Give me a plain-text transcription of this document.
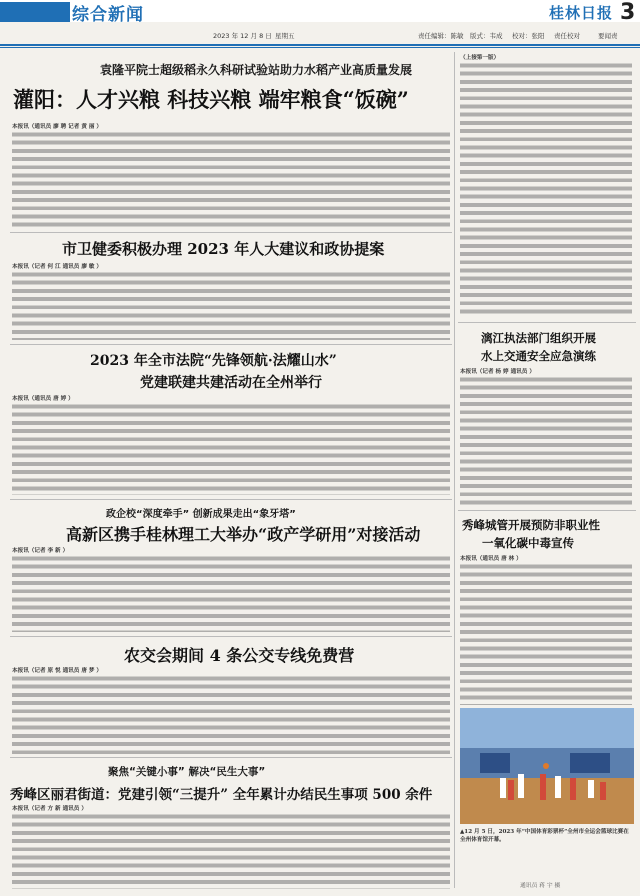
综合新闻	桂林日报 3
2023 年 12 月 8 日 星期五	责任编辑：陈敏 版式：韦成 校对：张阳 责任校对	要闻责
袁隆平院士超级稻永久科研试验站助力水稻产业高质量发展
灌阳：人才兴粮 科技兴粮 端牢粮食“饭碗”
本报讯（通讯员 廖 聘 记者 黄 丽 ）
市卫健委积极办理 2023 年人大建议和政协提案
本报讯（记者 何 江 通讯员 廖 敏 ）
2023 年全市法院“先锋领航·法耀山水”
党建联建共建活动在全州举行
本报讯（通讯员 唐 婷 ）
政企校“深度牵手” 创新成果走出“象牙塔”
高新区携手桂林理工大举办“政产学研用”对接活动
本报讯（记者 李 新 ）
农交会期间 4 条公交专线免费营
本报讯（记者 原 悦 通讯员 唐 梦 ）
聚焦“关键小事” 解决“民生大事”
秀峰区丽君街道：党建引领“三提升” 全年累计办结民生事项 500 余件
本报讯（记者 方 新 通讯员 ）
（上接第一版）
漓江执法部门组织开展
水上交通安全应急演练
本报讯（记者 杨 婷 通讯员 ）
秀峰城管开展预防非职业性
一氧化碳中毒宣传
本报讯（通讯员 唐 林 ）
▲12 月 5 日，2023 年“中国体育彩票杯”全州市全运会篮球比赛在全州体育馆开幕。
通讯员 蒋 宇 摄
